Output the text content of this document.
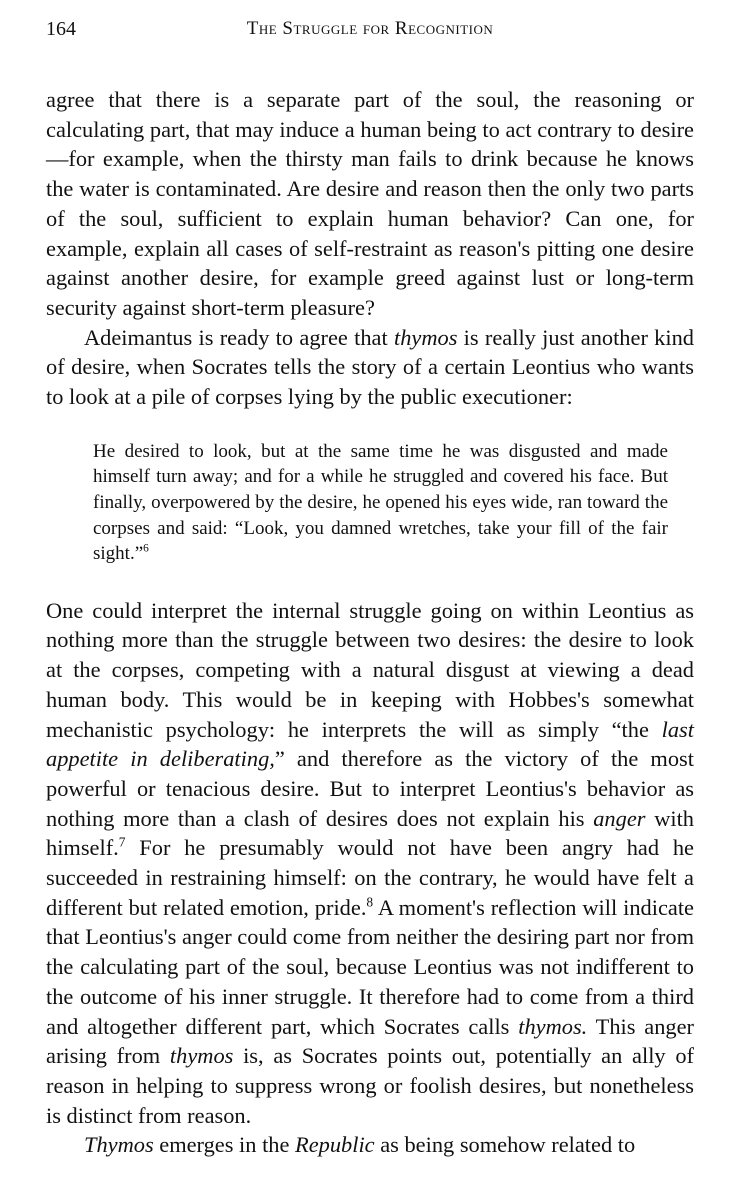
164	The Struggle for Recognition

agree that there is a separate part of the soul, the reasoning or calculating part, that may induce a human being to act contrary to desire—for example, when the thirsty man fails to drink because he knows the water is contaminated. Are desire and reason then the only two parts of the soul, sufficient to explain human behavior? Can one, for example, explain all cases of self-restraint as reason's pitting one desire against another desire, for example greed against lust or long-term security against short-term pleasure?

Adeimantus is ready to agree that thymos is really just another kind of desire, when Socrates tells the story of a certain Leontius who wants to look at a pile of corpses lying by the public executioner:

He desired to look, but at the same time he was disgusted and made himself turn away; and for a while he struggled and covered his face. But finally, overpowered by the desire, he opened his eyes wide, ran toward the corpses and said: “Look, you damned wretches, take your fill of the fair sight.”$^6$

One could interpret the internal struggle going on within Leontius as nothing more than the struggle between two desires: the desire to look at the corpses, competing with a natural disgust at viewing a dead human body. This would be in keeping with Hobbes's somewhat mechanistic psychology: he interprets the will as simply “the last appetite in deliberating,” and therefore as the victory of the most powerful or tenacious desire. But to interpret Leontius's behavior as nothing more than a clash of desires does not explain his anger with himself.$^7$ For he presumably would not have been angry had he succeeded in restraining himself: on the contrary, he would have felt a different but related emotion, pride.$^8$ A moment's reflection will indicate that Leontius's anger could come from neither the desiring part nor from the calculating part of the soul, because Leontius was not indifferent to the outcome of his inner struggle. It therefore had to come from a third and altogether different part, which Socrates calls thymos. This anger arising from thymos is, as Socrates points out, potentially an ally of reason in helping to suppress wrong or foolish desires, but nonetheless is distinct from reason.

Thymos emerges in the Republic as being somehow related to
